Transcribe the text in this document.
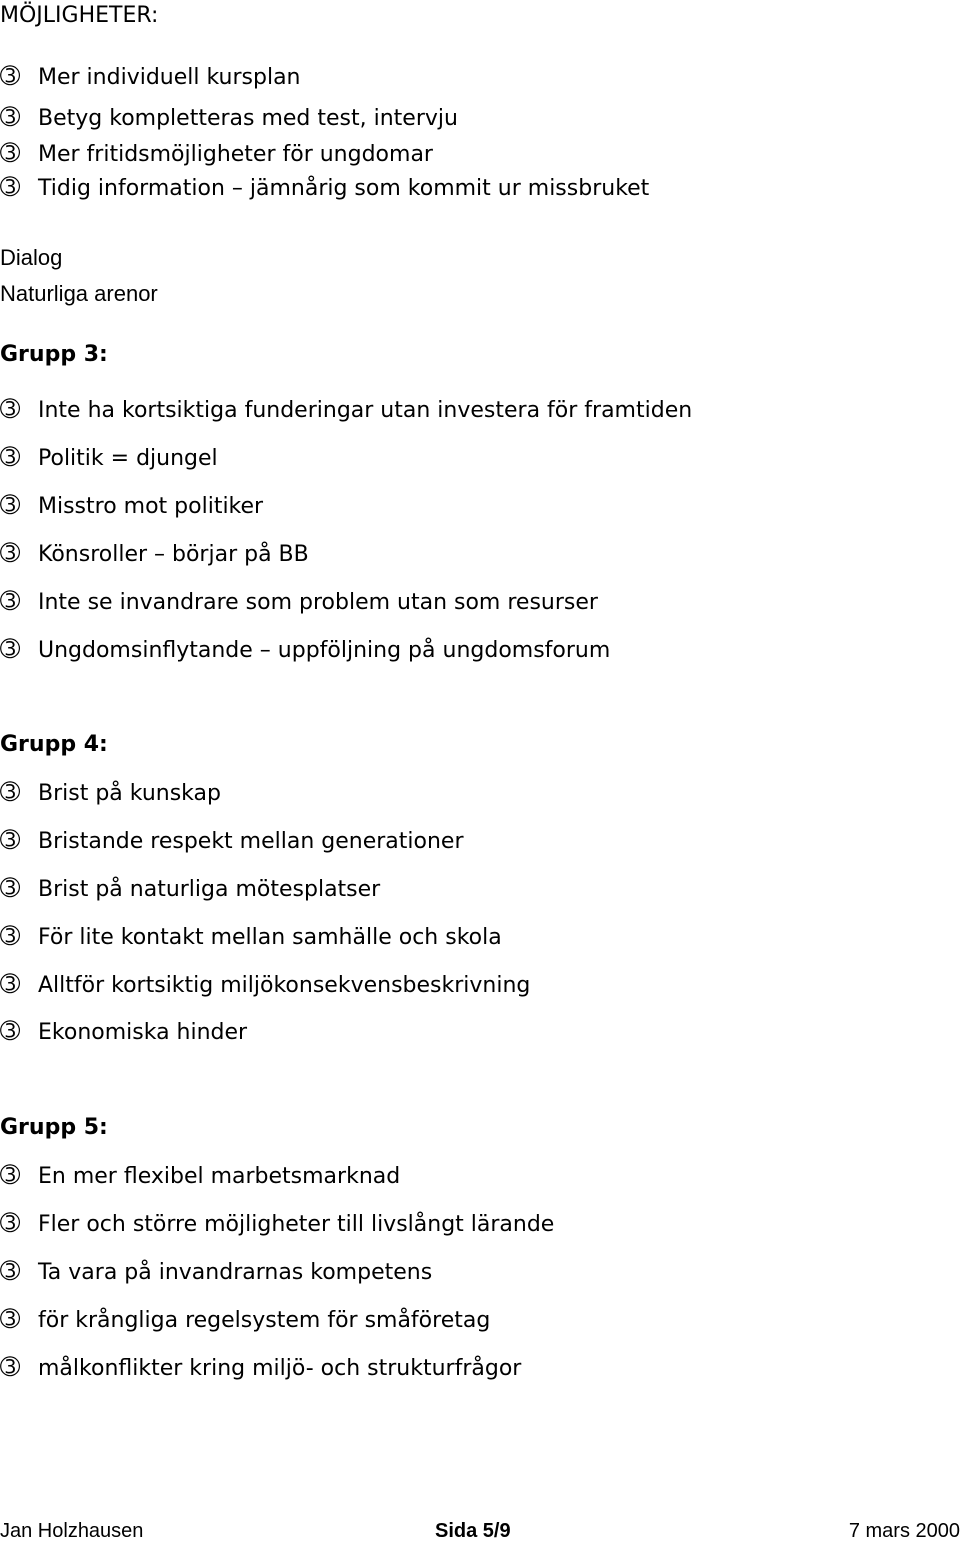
MÖJLIGHETER:
➂ Mer individuell kursplan
➂ Betyg kompletteras med test, intervju
➂ Mer fritidsmöjligheter för ungdomar
➂ Tidig information – jämnårig som kommit ur missbruket
Dialog
Naturliga arenor
Grupp 3:
➂ Inte ha kortsiktiga funderingar utan investera för framtiden
➂ Politik = djungel
➂ Misstro mot politiker
➂ Könsroller – börjar på BB
➂ Inte se invandrare som problem utan som resurser
➂ Ungdomsinflytande – uppföljning på ungdomsforum
Grupp 4:
➂ Brist på kunskap
➂ Bristande respekt mellan generationer
➂ Brist på naturliga mötesplatser
➂ För lite kontakt mellan samhälle och skola
➂ Alltför kortsiktig miljökonsekvensbeskrivning
➂ Ekonomiska hinder
Grupp 5:
➂ En mer flexibel marbetsmarknad
➂ Fler och större möjligheter till livslångt lärande
➂ Ta vara på invandrarnas kompetens
➂ för krångliga regelsystem för småföretag
➂ målkonflikter kring miljö- och strukturfrågor
Jan Holzhausen	Sida 5/9	7 mars 2000
